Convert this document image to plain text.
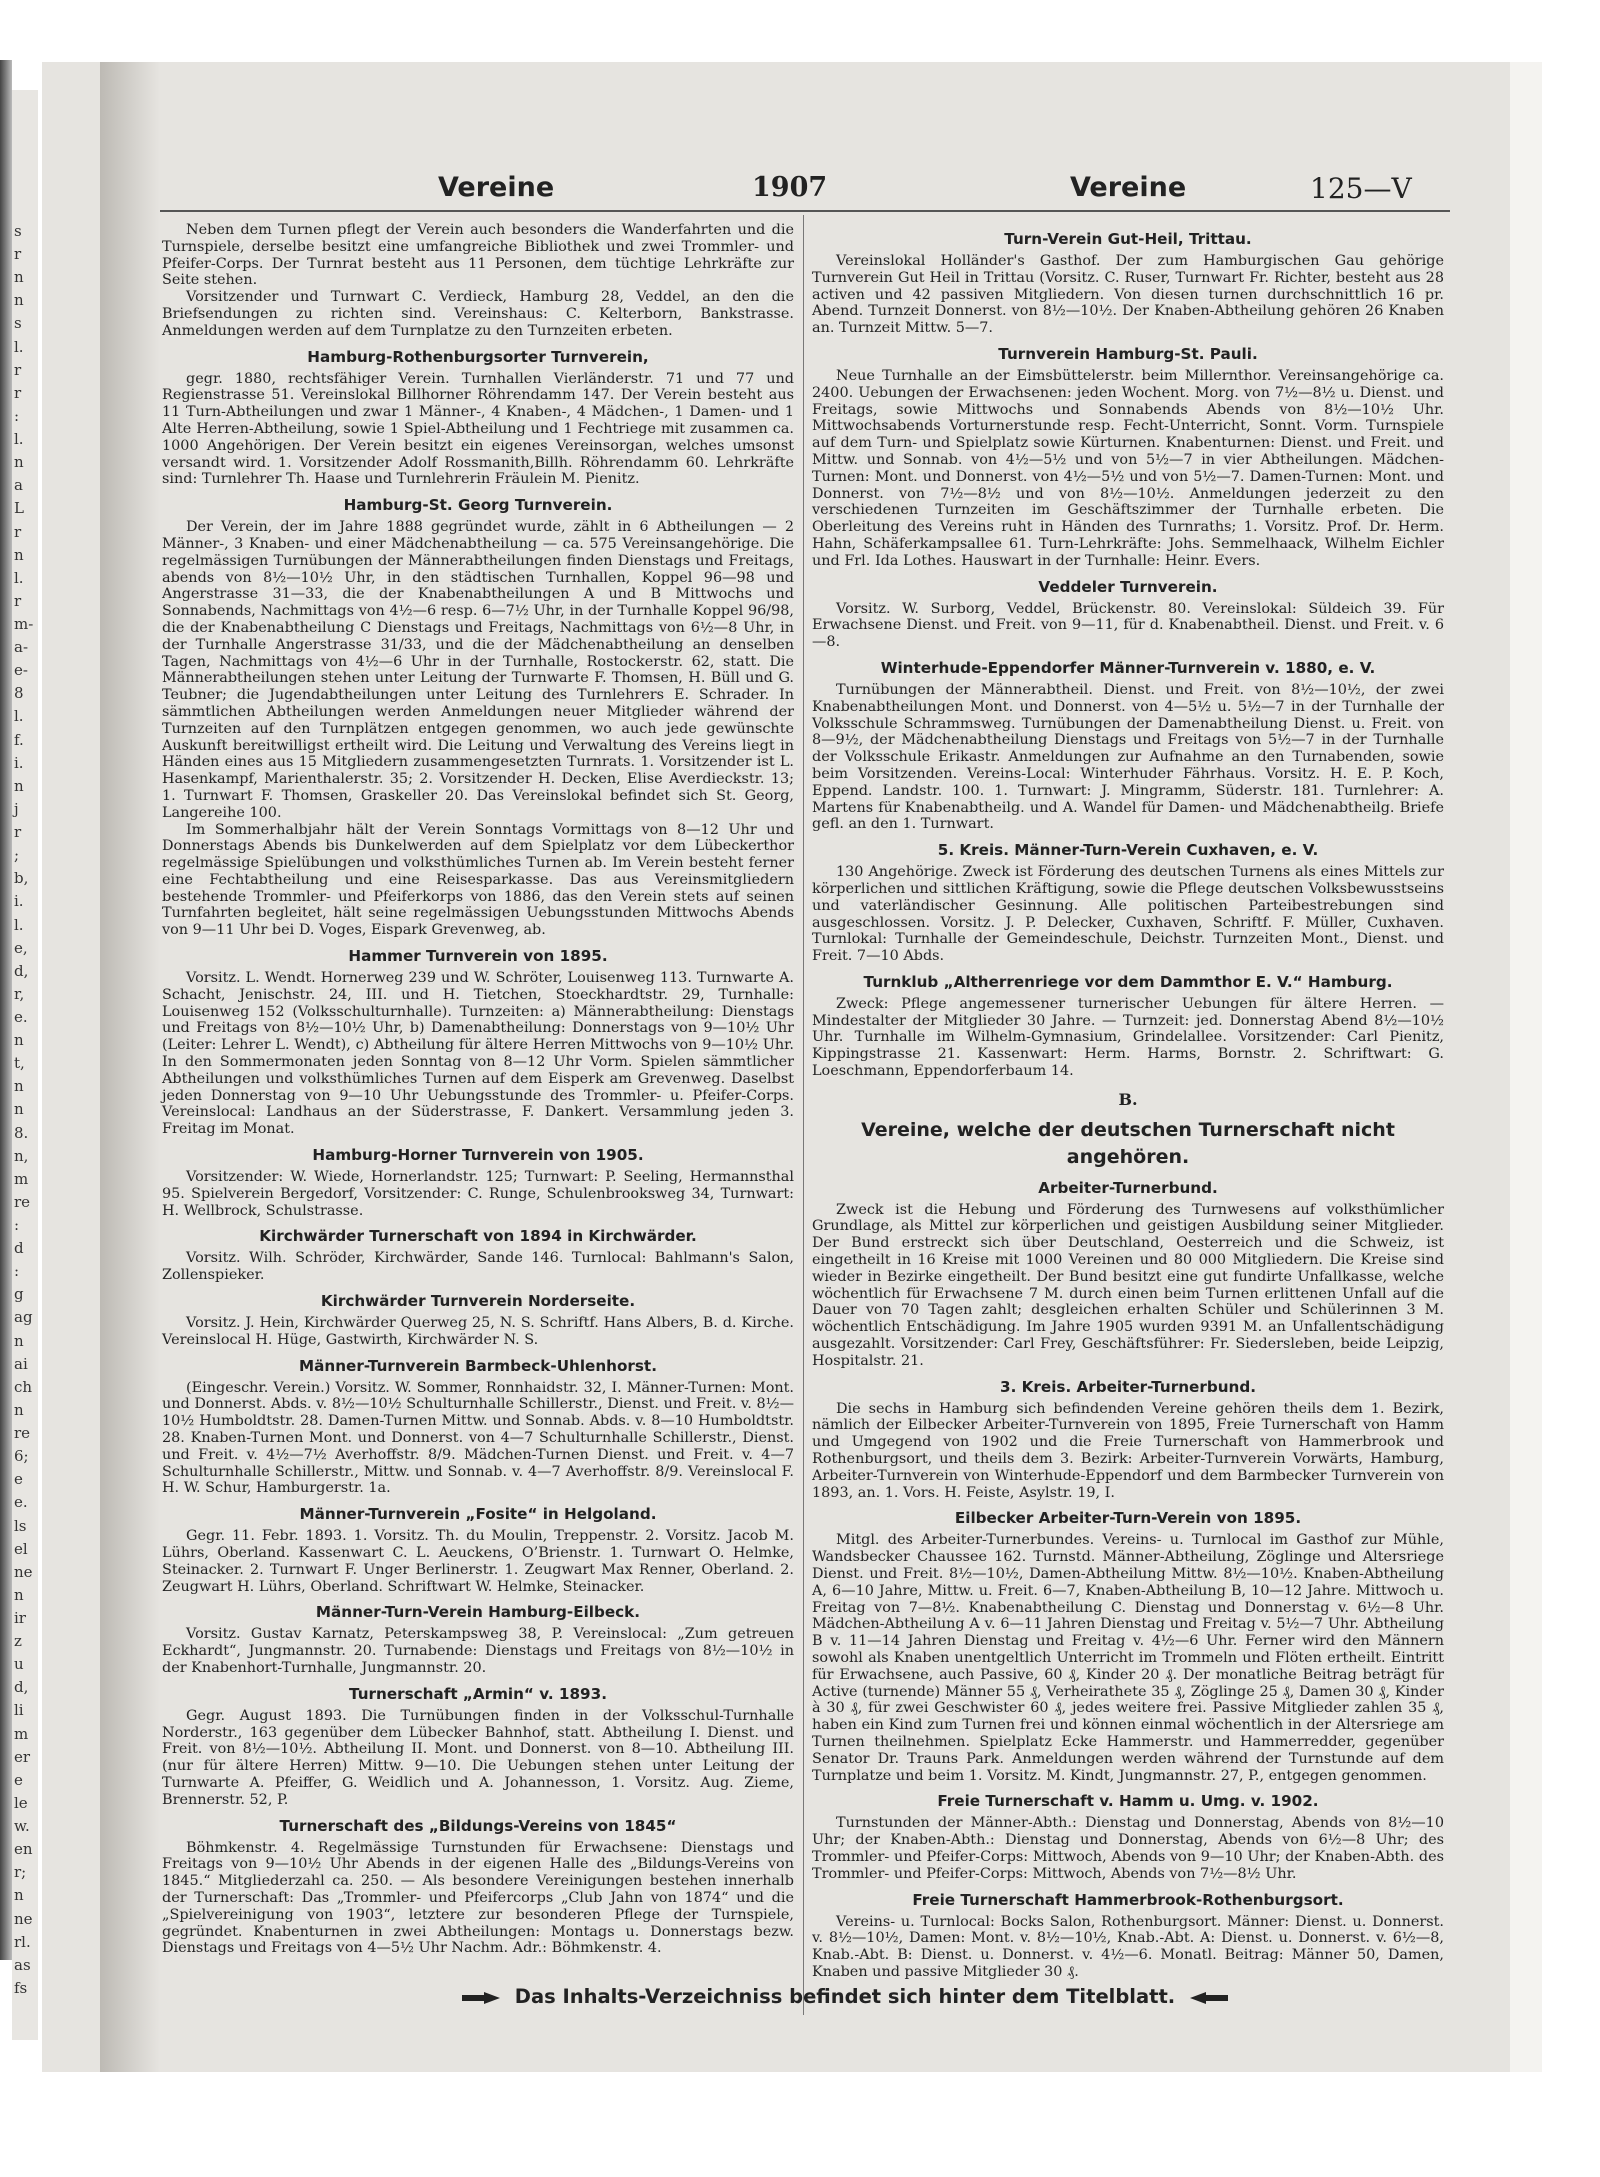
s
r
n
n
s
l.
r
r
:
l.
n
a
L
r
n
l.
r
m-
a-
e-
8
l.
f.
i.
n
j
r
;
b,
i.
l.
e,
d,
r,
e.
n
t,
n
n
8.
n,
m
re
:
d
:
g
ag
n
ai
ch
n
re
6;
e
e.
ls
el
ne
n
ir
z
u
d,
li
m
er
e
le
w.
en
r;
n
ne
rl.
as
fs
Vereine	1907	Vereine	125—V

Neben dem Turnen pflegt der Verein auch besonders die Wanderfahrten und die Turnspiele, derselbe besitzt eine umfangreiche Bibliothek und zwei Trommler- und Pfeifer-Corps. Der Turnrat besteht aus 11 Personen, dem tüchtige Lehrkräfte zur Seite stehen.

Vorsitzender und Turnwart C. Verdieck, Hamburg 28, Veddel, an den die Briefsendungen zu richten sind. Vereinshaus: C. Kelterborn, Bankstrasse. Anmeldungen werden auf dem Turnplatze zu den Turnzeiten erbeten.

Hamburg-Rothenburgsorter Turnverein,

gegr. 1880, rechtsfähiger Verein. Turnhallen Vierländerstr. 71 und 77 und Regienstrasse 51. Vereinslokal Billhorner Röhrendamm 147. Der Verein besteht aus 11 Turn-Abtheilungen und zwar 1 Männer-, 4 Knaben-, 4 Mädchen-, 1 Damen- und 1 Alte Herren-Abtheilung, sowie 1 Spiel-Abtheilung und 1 Fechtriege mit zusammen ca. 1000 Angehörigen. Der Verein besitzt ein eigenes Vereinsorgan, welches umsonst versandt wird. 1. Vorsitzender Adolf Rossmanith,Billh. Röhrendamm 60. Lehrkräfte sind: Turnlehrer Th. Haase und Turnlehrerin Fräulein M. Pienitz.

Hamburg-St. Georg Turnverein.

Der Verein, der im Jahre 1888 gegründet wurde, zählt in 6 Abtheilungen — 2 Männer-, 3 Knaben- und einer Mädchenabtheilung — ca. 575 Vereinsangehörige. Die regelmässigen Turnübungen der Männerabtheilungen finden Dienstags und Freitags, abends von 8½—10½ Uhr, in den städtischen Turnhallen, Koppel 96—98 und Angerstrasse 31—33, die der Knabenabtheilungen A und B Mittwochs und Sonnabends, Nachmittags von 4½—6 resp. 6—7½ Uhr, in der Turnhalle Koppel 96/98, die der Knabenabtheilung C Dienstags und Freitags, Nachmittags von 6½—8 Uhr, in der Turnhalle Angerstrasse 31/33, und die der Mädchenabtheilung an denselben Tagen, Nachmittags von 4½—6 Uhr in der Turnhalle, Rostockerstr. 62, statt. Die Männerabtheilungen stehen unter Leitung der Turnwarte F. Thomsen, H. Büll und G. Teubner; die Jugendabtheilungen unter Leitung des Turnlehrers E. Schrader. In sämmtlichen Abtheilungen werden Anmeldungen neuer Mitglieder während der Turnzeiten auf den Turnplätzen entgegen genommen, wo auch jede gewünschte Auskunft bereitwilligst ertheilt wird. Die Leitung und Verwaltung des Vereins liegt in Händen eines aus 15 Mitgliedern zusammengesetzten Turnrats. 1. Vorsitzender ist L. Hasenkampf, Marienthalerstr. 35; 2. Vorsitzender H. Decken, Elise Averdieckstr. 13; 1. Turnwart F. Thomsen, Graskeller 20. Das Vereinslokal befindet sich St. Georg, Langereihe 100.

Im Sommerhalbjahr hält der Verein Sonntags Vormittags von 8—12 Uhr und Donnerstags Abends bis Dunkelwerden auf dem Spielplatz vor dem Lübeckerthor regelmässige Spielübungen und volksthümliches Turnen ab. Im Verein besteht ferner eine Fechtabtheilung und eine Reisesparkasse. Das aus Vereinsmitgliedern bestehende Trommler- und Pfeiferkorps von 1886, das den Verein stets auf seinen Turnfahrten begleitet, hält seine regelmässigen Uebungsstunden Mittwochs Abends von 9—11 Uhr bei D. Voges, Eispark Grevenweg, ab.

Hammer Turnverein von 1895.

Vorsitz. L. Wendt. Hornerweg 239 und W. Schröter, Louisenweg 113. Turnwarte A. Schacht, Jenischstr. 24, III. und H. Tietchen, Stoeckhardtstr. 29, Turnhalle: Louisenweg 152 (Volksschulturnhalle). Turnzeiten: a) Männerabtheilung: Dienstags und Freitags von 8½—10½ Uhr, b) Damenabtheilung: Donnerstags von 9—10½ Uhr (Leiter: Lehrer L. Wendt), c) Abtheilung für ältere Herren Mittwochs von 9—10½ Uhr. In den Sommermonaten jeden Sonntag von 8—12 Uhr Vorm. Spielen sämmtlicher Abtheilungen und volksthümliches Turnen auf dem Eisperk am Grevenweg. Daselbst jeden Donnerstag von 9—10 Uhr Uebungsstunde des Trommler- u. Pfeifer-Corps. Vereinslocal: Landhaus an der Süderstrasse, F. Dankert. Versammlung jeden 3. Freitag im Monat.

Hamburg-Horner Turnverein von 1905.

Vorsitzender: W. Wiede, Hornerlandstr. 125; Turnwart: P. Seeling, Hermannsthal 95. Spielverein Bergedorf, Vorsitzender: C. Runge, Schulenbrooksweg 34, Turnwart: H. Wellbrock, Schulstrasse.

Kirchwärder Turnerschaft von 1894 in Kirchwärder.

Vorsitz. Wilh. Schröder, Kirchwärder, Sande 146. Turnlocal: Bahlmann's Salon, Zollenspieker.

Kirchwärder Turnverein Norderseite.

Vorsitz. J. Hein, Kirchwärder Querweg 25, N. S. Schriftf. Hans Albers, B. d. Kirche. Vereinslocal H. Hüge, Gastwirth, Kirchwärder N. S.

Männer-Turnverein Barmbeck-Uhlenhorst.

(Eingeschr. Verein.) Vorsitz. W. Sommer, Ronnhaidstr. 32, I. Männer-Turnen: Mont. und Donnerst. Abds. v. 8½—10½ Schulturnhalle Schillerstr., Dienst. und Freit. v. 8½—10½ Humboldtstr. 28. Damen-Turnen Mittw. und Sonnab. Abds. v. 8—10 Humboldtstr. 28. Knaben-Turnen Mont. und Donnerst. von 4—7 Schulturnhalle Schillerstr., Dienst. und Freit. v. 4½—7½ Averhoffstr. 8/9. Mädchen-Turnen Dienst. und Freit. v. 4—7 Schulturnhalle Schillerstr., Mittw. und Sonnab. v. 4—7 Averhoffstr. 8/9. Vereinslocal F. H. W. Schur, Hamburgerstr. 1a.

Männer-Turnverein „Fosite“ in Helgoland.

Gegr. 11. Febr. 1893. 1. Vorsitz. Th. du Moulin, Treppenstr. 2. Vorsitz. Jacob M. Lührs, Oberland. Kassenwart C. L. Aeuckens, O’Brienstr. 1. Turnwart O. Helmke, Steinacker. 2. Turnwart F. Unger Berlinerstr. 1. Zeugwart Max Renner, Oberland. 2. Zeugwart H. Lührs, Oberland. Schriftwart W. Helmke, Steinacker.

Männer-Turn-Verein Hamburg-Eilbeck.

Vorsitz. Gustav Karnatz, Peterskampsweg 38, P. Vereinslocal: „Zum getreuen Eckhardt“, Jungmannstr. 20. Turnabende: Dienstags und Freitags von 8½—10½ in der Knabenhort-Turnhalle, Jungmannstr. 20.

Turnerschaft „Armin“ v. 1893.

Gegr. August 1893. Die Turnübungen finden in der Volksschul-Turnhalle Norderstr., 163 gegenüber dem Lübecker Bahnhof, statt. Abtheilung I. Dienst. und Freit. von 8½—10½. Abtheilung II. Mont. und Donnerst. von 8—10. Abtheilung III. (nur für ältere Herren) Mittw. 9—10. Die Uebungen stehen unter Leitung der Turnwarte A. Pfeiffer, G. Weidlich und A. Johannesson, 1. Vorsitz. Aug. Zieme, Brennerstr. 52, P.

Turnerschaft des „Bildungs-Vereins von 1845“

Böhmkenstr. 4. Regelmässige Turnstunden für Erwachsene: Dienstags und Freitags von 9—10½ Uhr Abends in der eigenen Halle des „Bildungs-Vereins von 1845.“ Mitgliederzahl ca. 250. — Als besondere Vereinigungen bestehen innerhalb der Turnerschaft: Das „Trommler- und Pfeifercorps „Club Jahn von 1874“ und die „Spielvereinigung von 1903“, letztere zur besonderen Pflege der Turnspiele, gegründet. Knabenturnen in zwei Abtheilungen: Montags u. Donnerstags bezw. Dienstags und Freitags von 4—5½ Uhr Nachm. Adr.: Böhmkenstr. 4.

Turn-Verein Gut-Heil, Trittau.

Vereinslokal Holländer's Gasthof. Der zum Hamburgischen Gau gehörige Turnverein Gut Heil in Trittau (Vorsitz. C. Ruser, Turnwart Fr. Richter, besteht aus 28 activen und 42 passiven Mitgliedern. Von diesen turnen durchschnittlich 16 pr. Abend. Turnzeit Donnerst. von 8½—10½. Der Knaben-Abtheilung gehören 26 Knaben an. Turnzeit Mittw. 5—7.

Turnverein Hamburg-St. Pauli.

Neue Turnhalle an der Eimsbüttelerstr. beim Millernthor. Vereinsangehörige ca. 2400. Uebungen der Erwachsenen: jeden Wochent. Morg. von 7½—8½ u. Dienst. und Freitags, sowie Mittwochs und Sonnabends Abends von 8½—10½ Uhr. Mittwochsabends Vorturnerstunde resp. Fecht-Unterricht, Sonnt. Vorm. Turnspiele auf dem Turn- und Spielplatz sowie Kürturnen. Knabenturnen: Dienst. und Freit. und Mittw. und Sonnab. von 4½—5½ und von 5½—7 in vier Abtheilungen. Mädchen-Turnen: Mont. und Donnerst. von 4½—5½ und von 5½—7. Damen-Turnen: Mont. und Donnerst. von 7½—8½ und von 8½—10½. Anmeldungen jederzeit zu den verschiedenen Turnzeiten im Geschäftszimmer der Turnhalle erbeten. Die Oberleitung des Vereins ruht in Händen des Turnraths; 1. Vorsitz. Prof. Dr. Herm. Hahn, Schäferkampsallee 61. Turn-Lehrkräfte: Johs. Semmelhaack, Wilhelm Eichler und Frl. Ida Lothes. Hauswart in der Turnhalle: Heinr. Evers.

Veddeler Turnverein.

Vorsitz. W. Surborg, Veddel, Brückenstr. 80. Vereinslokal: Süldeich 39. Für Erwachsene Dienst. und Freit. von 9—11, für d. Knabenabtheil. Dienst. und Freit. v. 6—8.

Winterhude-Eppendorfer Männer-Turnverein v. 1880, e. V.

Turnübungen der Männerabtheil. Dienst. und Freit. von 8½—10½, der zwei Knabenabtheilungen Mont. und Donnerst. von 4—5½ u. 5½—7 in der Turnhalle der Volksschule Schrammsweg. Turnübungen der Damenabtheilung Dienst. u. Freit. von 8—9½, der Mädchenabtheilung Dienstags und Freitags von 5½—7 in der Turnhalle der Volksschule Erikastr. Anmeldungen zur Aufnahme an den Turnabenden, sowie beim Vorsitzenden. Vereins-Local: Winterhuder Fährhaus. Vorsitz. H. E. P. Koch, Eppend. Landstr. 100. 1. Turnwart: J. Mingramm, Süderstr. 181. Turnlehrer: A. Martens für Knabenabtheilg. und A. Wandel für Damen- und Mädchenabtheilg. Briefe gefl. an den 1. Turnwart.

5. Kreis. Männer-Turn-Verein Cuxhaven, e. V.

130 Angehörige. Zweck ist Förderung des deutschen Turnens als eines Mittels zur körperlichen und sittlichen Kräftigung, sowie die Pflege deutschen Volksbewusstseins und vaterländischer Gesinnung. Alle politischen Parteibestrebungen sind ausgeschlossen. Vorsitz. J. P. Delecker, Cuxhaven, Schriftf. F. Müller, Cuxhaven. Turnlokal: Turnhalle der Gemeindeschule, Deichstr. Turnzeiten Mont., Dienst. und Freit. 7—10 Abds.

Turnklub „Altherrenriege vor dem Dammthor E. V.“ Hamburg.

Zweck: Pflege angemessener turnerischer Uebungen für ältere Herren. — Mindestalter der Mitglieder 30 Jahre. — Turnzeit: jed. Donnerstag Abend 8½—10½ Uhr. Turnhalle im Wilhelm-Gymnasium, Grindelallee. Vorsitzender: Carl Pienitz, Kippingstrasse 21. Kassenwart: Herm. Harms, Bornstr. 2. Schriftwart: G. Loeschmann, Eppendorferbaum 14.

B.
Vereine, welche der deutschen Turnerschaft nicht angehören.
Arbeiter-Turnerbund.

Zweck ist die Hebung und Förderung des Turnwesens auf volksthümlicher Grundlage, als Mittel zur körperlichen und geistigen Ausbildung seiner Mitglieder. Der Bund erstreckt sich über Deutschland, Oesterreich und die Schweiz, ist eingetheilt in 16 Kreise mit 1000 Vereinen und 80 000 Mitgliedern. Die Kreise sind wieder in Bezirke eingetheilt. Der Bund besitzt eine gut fundirte Unfallkasse, welche wöchentlich für Erwachsene 7 M. durch einen beim Turnen erlittenen Unfall auf die Dauer von 70 Tagen zahlt; desgleichen erhalten Schüler und Schülerinnen 3 M. wöchentlich Entschädigung. Im Jahre 1905 wurden 9391 M. an Unfallentschädigung ausgezahlt. Vorsitzender: Carl Frey, Geschäftsführer: Fr. Siedersleben, beide Leipzig, Hospitalstr. 21.

3. Kreis. Arbeiter-Turnerbund.

Die sechs in Hamburg sich befindenden Vereine gehören theils dem 1. Bezirk, nämlich der Eilbecker Arbeiter-Turnverein von 1895, Freie Turnerschaft von Hamm und Umgegend von 1902 und die Freie Turnerschaft von Hammerbrook und Rothenburgsort, und theils dem 3. Bezirk: Arbeiter-Turnverein Vorwärts, Hamburg, Arbeiter-Turnverein von Winterhude-Eppendorf und dem Barmbecker Turnverein von 1893, an. 1. Vors. H. Feiste, Asylstr. 19, I.

Eilbecker Arbeiter-Turn-Verein von 1895.

Mitgl. des Arbeiter-Turnerbundes. Vereins- u. Turnlocal im Gasthof zur Mühle, Wandsbecker Chaussee 162. Turnstd. Männer-Abtheilung, Zöglinge und Altersriege Dienst. und Freit. 8½—10½, Damen-Abtheilung Mittw. 8½—10½. Knaben-Abtheilung A, 6—10 Jahre, Mittw. u. Freit. 6—7, Knaben-Abtheilung B, 10—12 Jahre. Mittwoch u. Freitag von 7—8½. Knabenabtheilung C. Dienstag und Donnerstag v. 6½—8 Uhr. Mädchen-Abtheilung A v. 6—11 Jahren Dienstag und Freitag v. 5½—7 Uhr. Abtheilung B v. 11—14 Jahren Dienstag und Freitag v. 4½—6 Uhr. Ferner wird den Männern sowohl als Knaben unentgeltlich Unterricht im Trommeln und Flöten ertheilt. Eintritt für Erwachsene, auch Passive, 60 ₰, Kinder 20 ₰. Der monatliche Beitrag beträgt für Active (turnende) Männer 55 ₰, Verheirathete 35 ₰, Zöglinge 25 ₰, Damen 30 ₰, Kinder à 30 ₰, für zwei Geschwister 60 ₰, jedes weitere frei. Passive Mitglieder zahlen 35 ₰, haben ein Kind zum Turnen frei und können einmal wöchentlich in der Altersriege am Turnen theilnehmen. Spielplatz Ecke Hammerstr. und Hammerredder, gegenüber Senator Dr. Trauns Park. Anmeldungen werden während der Turnstunde auf dem Turnplatze und beim 1. Vorsitz. M. Kindt, Jungmannstr. 27, P., entgegen genommen.

Freie Turnerschaft v. Hamm u. Umg. v. 1902.

Turnstunden der Männer-Abth.: Dienstag und Donnerstag, Abends von 8½—10 Uhr; der Knaben-Abth.: Dienstag und Donnerstag, Abends von 6½—8 Uhr; des Trommler- und Pfeifer-Corps: Mittwoch, Abends von 9—10 Uhr; der Knaben-Abth. des Trommler- und Pfeifer-Corps: Mittwoch, Abends von 7½—8½ Uhr.

Freie Turnerschaft Hammerbrook-Rothenburgsort.

Vereins- u. Turnlocal: Bocks Salon, Rothenburgsort. Männer: Dienst. u. Donnerst. v. 8½—10½, Damen: Mont. v. 8½—10½, Knab.-Abt. A: Dienst. u. Donnerst. v. 6½—8, Knab.-Abt. B: Dienst. u. Donnerst. v. 4½—6. Monatl. Beitrag: Männer 50, Damen, Knaben und passive Mitglieder 30 ₰.

Das Inhalts-Verzeichniss befindet sich hinter dem Titelblatt.
